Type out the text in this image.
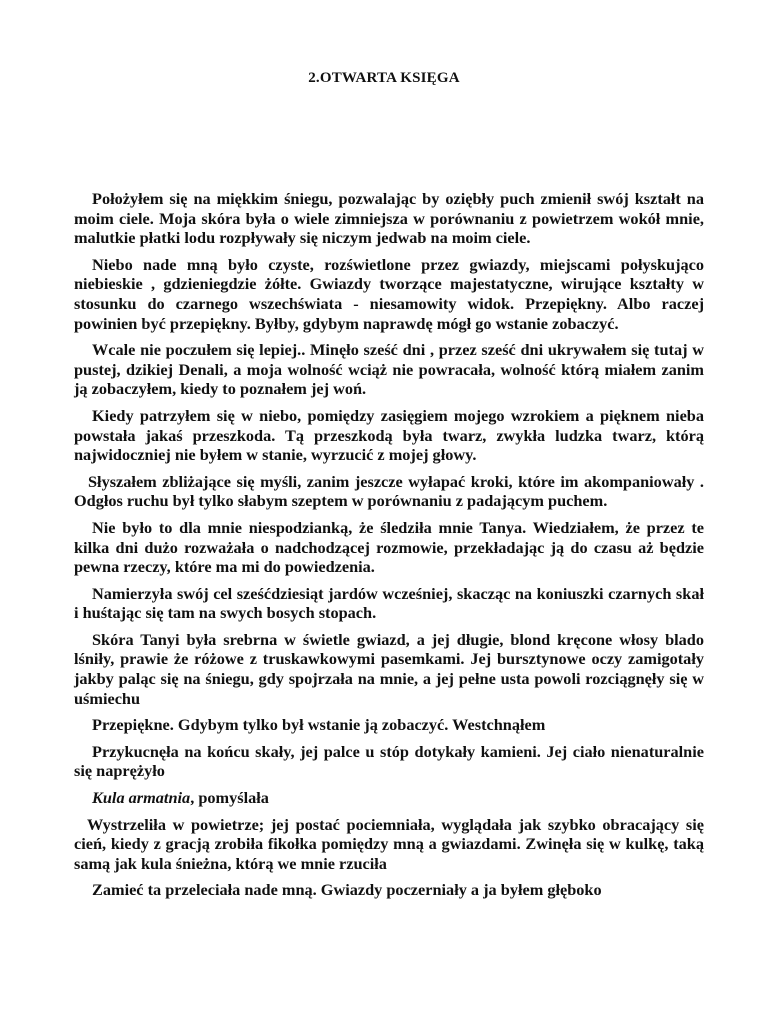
2.OTWARTA KSIĘGA

Położyłem się na miękkim śniegu, pozwalając by oziębły puch zmienił swój kształt na moim ciele. Moja skóra była o wiele zimniejsza w porównaniu z powietrzem wokół mnie, malutkie płatki lodu rozpływały się niczym jedwab na moim ciele.

Niebo nade mną było czyste, rozświetlone przez gwiazdy, miejscami połyskująco niebieskie , gdzieniegdzie żółte. Gwiazdy tworzące majestatyczne, wirujące kształty w stosunku do czarnego wszechświata - niesamowity widok. Przepiękny. Albo raczej powinien być przepiękny. Byłby, gdybym naprawdę mógł go wstanie zobaczyć.

Wcale nie poczułem się lepiej.. Minęło sześć dni , przez sześć dni ukrywałem się tutaj w pustej, dzikiej Denali, a moja wolność wciąż nie powracała, wolność którą miałem zanim ją zobaczyłem, kiedy to poznałem jej woń.

Kiedy patrzyłem się w niebo, pomiędzy zasięgiem mojego wzrokiem a pięknem nieba powstała jakaś przeszkoda. Tą przeszkodą była twarz, zwykła ludzka twarz, którą najwidoczniej nie byłem w stanie, wyrzucić z mojej głowy.

Słyszałem zbliżające się myśli, zanim jeszcze wyłapać kroki, które im akompaniowały . Odgłos ruchu był tylko słabym szeptem w porównaniu z padającym puchem.

Nie było to dla mnie niespodzianką, że śledziła mnie Tanya. Wiedziałem, że przez te kilka dni dużo rozważała o nadchodzącej rozmowie, przekładając ją do czasu aż będzie pewna rzeczy, które ma mi do powiedzenia.

Namierzyła swój cel sześćdziesiąt jardów wcześniej, skacząc na koniuszki czarnych skał i huśtając się tam na swych bosych stopach.

Skóra Tanyi była srebrna w świetle gwiazd, a jej długie, blond kręcone włosy blado lśniły, prawie że różowe z truskawkowymi pasemkami. Jej bursztynowe oczy zamigotały jakby paląc się na śniegu, gdy spojrzała na mnie, a jej pełne usta powoli rozciągnęły się w uśmiechu

Przepiękne. Gdybym tylko był wstanie ją zobaczyć. Westchnąłem

Przykucnęła na końcu skały, jej palce u stóp dotykały kamieni. Jej ciało nienaturalnie się naprężyło

Kula armatnia, pomyślała

Wystrzeliła w powietrze; jej postać pociemniała, wyglądała jak szybko obracający się cień, kiedy z gracją zrobiła fikołka pomiędzy mną a gwiazdami. Zwinęła się w kulkę, taką samą jak kula śnieżna, którą we mnie rzuciła

Zamieć ta przeleciała nade mną. Gwiazdy poczerniały a ja byłem głęboko
